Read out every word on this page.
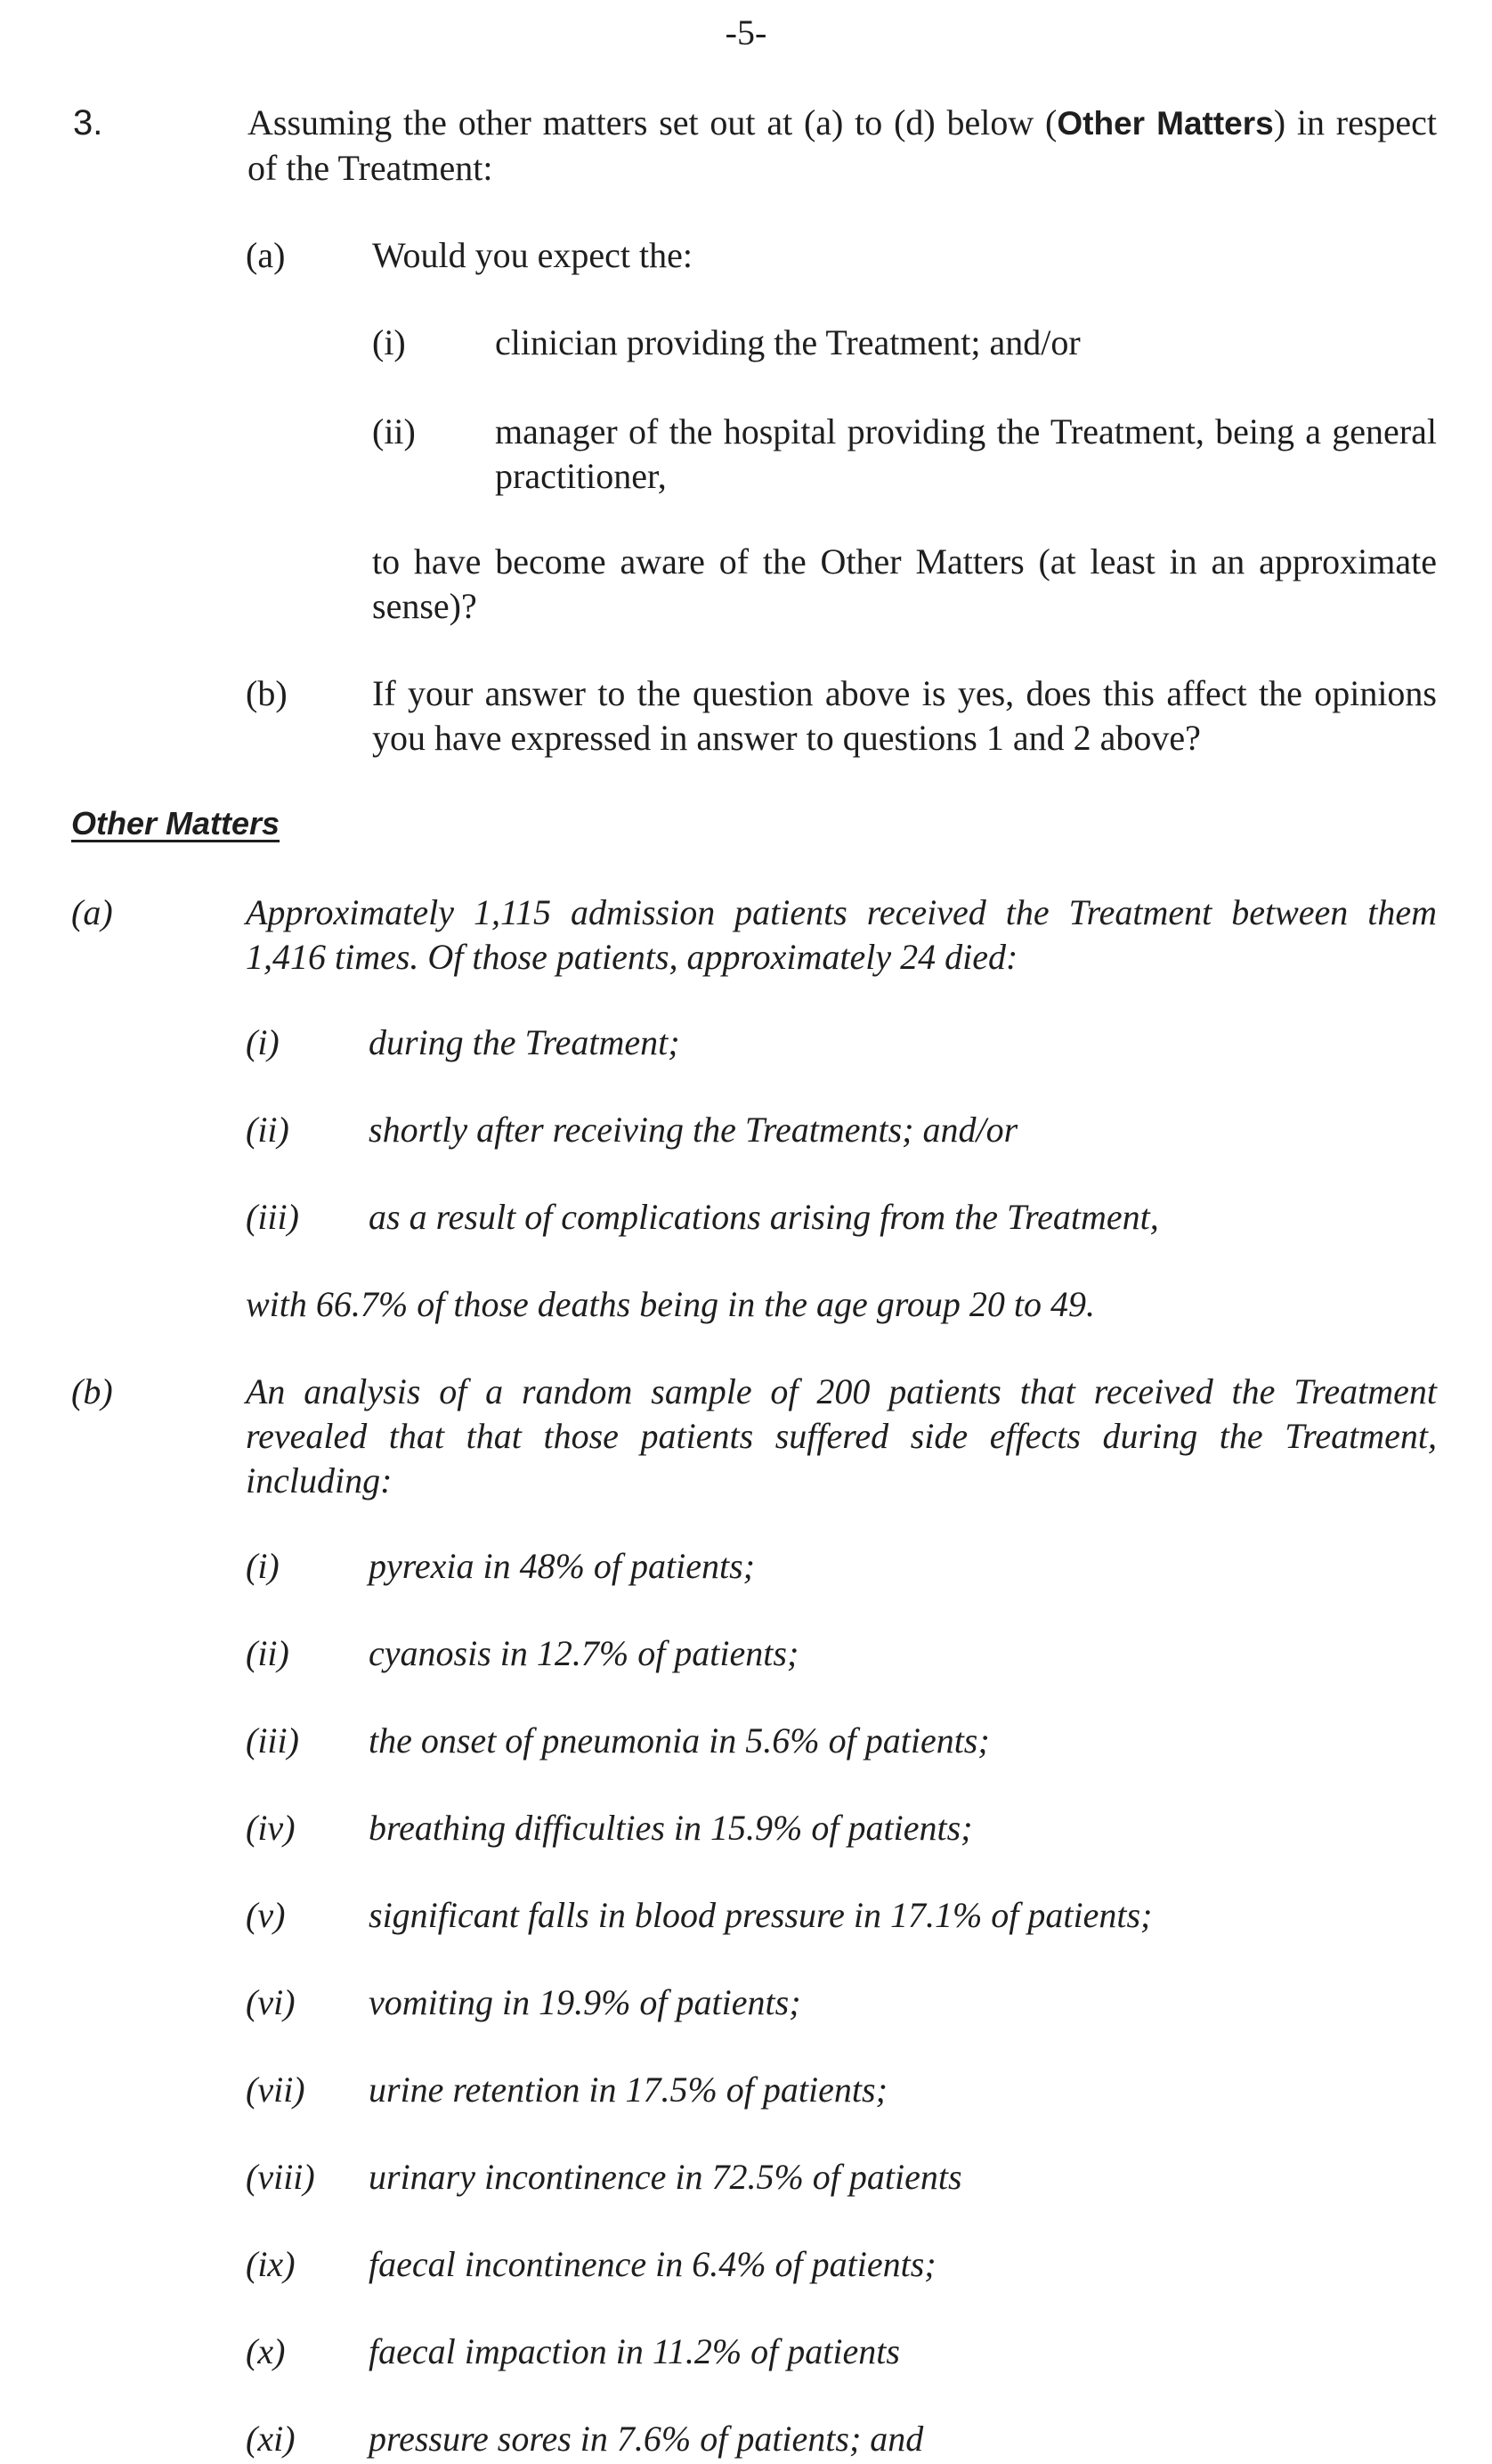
-5-
3.	Assuming the other matters set out at (a) to (d) below (Other Matters) in respect of the Treatment:
(a) Would you expect the:
(i)	clinician providing the Treatment; and/or
(ii) manager of the hospital providing the Treatment, being a general practitioner,
to have become aware of the Other Matters (at least in an approximate sense)?
(b) If your answer to the question above is yes, does this affect the opinions you have expressed in answer to questions 1 and 2 above?
Other Matters
(a)	Approximately 1,115 admission patients received the Treatment between them 1,416 times. Of those patients, approximately 24 died:
(i)	during the Treatment;
(ii) shortly after receiving the Treatments; and/or
(iii) as a result of complications arising from the Treatment,
with 66.7% of those deaths being in the age group 20 to 49.
(b)	An analysis of a random sample of 200 patients that received the Treatment revealed that that those patients suffered side effects during the Treatment, including:
(i)	pyrexia in 48% of patients;
(ii) cyanosis in 12.7% of patients;
(iii) the onset of pneumonia in 5.6% of patients;
(iv) breathing difficulties in 15.9% of patients;
(v) significant falls in blood pressure in 17.1% of patients;
(vi) vomiting in 19.9% of patients;
(vii) urine retention in 17.5% of patients;
(viii) urinary incontinence in 72.5% of patients
(ix) faecal incontinence in 6.4% of patients;
(x) faecal impaction in 11.2% of patients
(xi) pressure sores in 7.6% of patients; and
